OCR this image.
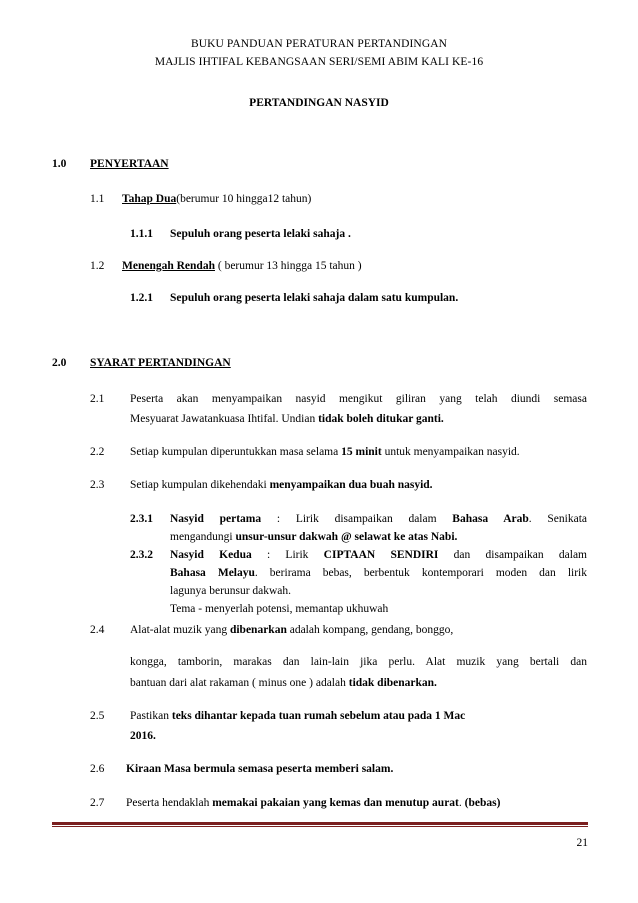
BUKU PANDUAN PERATURAN PERTANDINGAN
MAJLIS IHTIFAL KEBANGSAAN SERI/SEMI ABIM KALI KE-16
PERTANDINGAN NASYID
1.0 PENYERTAAN
1.1 Tahap Dua(berumur 10 hingga12 tahun)
1.1.1 Sepuluh orang peserta lelaki sahaja .
1.2 Menengah Rendah ( berumur 13 hingga 15 tahun )
1.2.1 Sepuluh orang peserta lelaki sahaja dalam satu kumpulan.
2.0 SYARAT PERTANDINGAN
2.1 Peserta akan menyampaikan nasyid mengikut giliran yang telah diundi semasa
Mesyuarat Jawatankuasa Ihtifal. Undian tidak boleh ditukar ganti.
2.2 Setiap kumpulan diperuntukkan masa selama 15 minit untuk menyampaikan nasyid.
2.3 Setiap kumpulan dikehendaki menyampaikan dua buah nasyid.
2.3.1 Nasyid pertama : Lirik disampaikan dalam Bahasa Arab. Senikata
mengandungi unsur-unsur dakwah @ selawat ke atas Nabi.
2.3.2 Nasyid Kedua : Lirik CIPTAAN SENDIRI dan disampaikan dalam
Bahasa Melayu. berirama bebas, berbentuk kontemporari moden dan lirik
lagunya berunsur dakwah.
Tema - menyerlah potensi, memantap ukhuwah
2.4 Alat-alat muzik yang dibenarkan adalah kompang, gendang, bonggo,
kongga, tamborin, marakas dan lain-lain jika perlu. Alat muzik yang bertali dan
bantuan dari alat rakaman ( minus one ) adalah tidak dibenarkan.
2.5 Pastikan teks dihantar kepada tuan rumah sebelum atau pada 1 Mac
2016.
2.6 Kiraan Masa bermula semasa peserta memberi salam.
2.7 Peserta hendaklah memakai pakaian yang kemas dan menutup aurat. (bebas)
21
